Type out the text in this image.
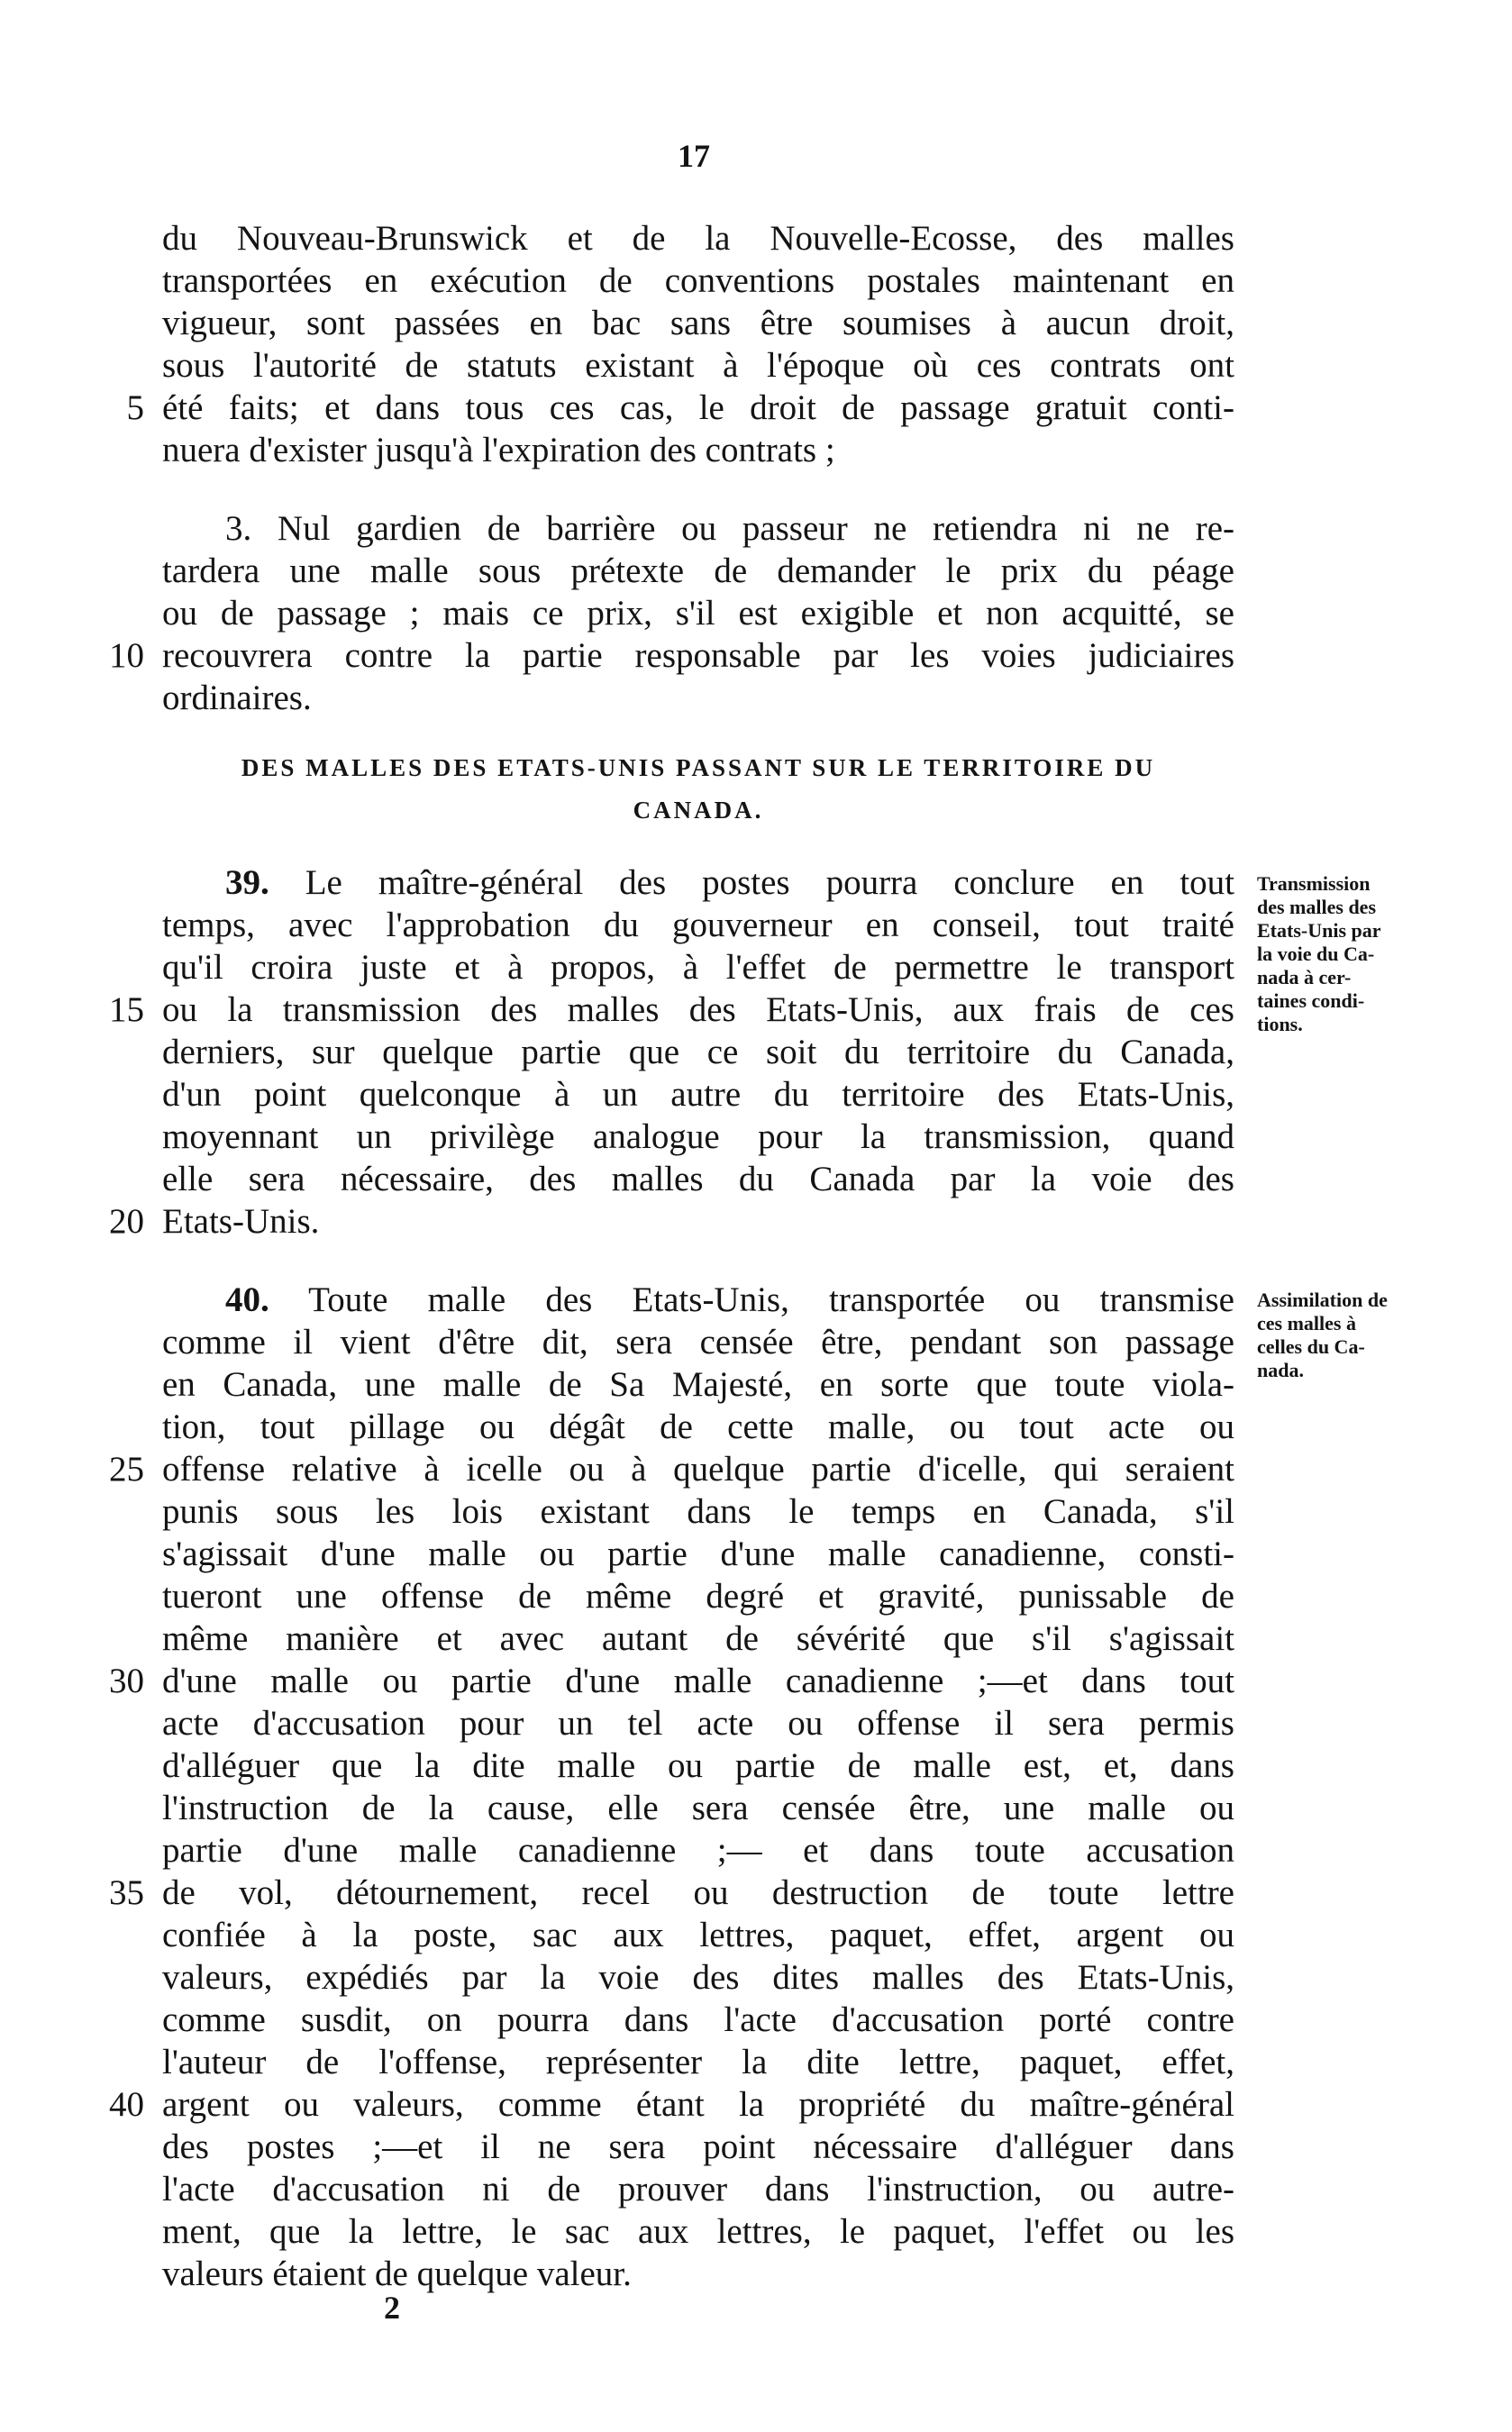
17
du Nouveau-Brunswick et de la Nouvelle-Ecosse, des malles
transportées en exécution de conventions postales maintenant en
vigueur, sont passées en bac sans être soumises à aucun droit,
sous l'autorité de statuts existant à l'époque où ces contrats ont
été faits; et dans tous ces cas, le droit de passage gratuit conti-
5
nuera d'exister jusqu'à l'expiration des contrats ;
3. Nul gardien de barrière ou passeur ne retiendra ni ne re-
tardera une malle sous prétexte de demander le prix du péage
ou de passage ; mais ce prix, s'il est exigible et non acquitté, se
recouvrera contre la partie responsable par les voies judiciaires
10
ordinaires.
39. Le maître-général des postes pourra conclure en tout
temps, avec l'approbation du gouverneur en conseil, tout traité
qu'il croira juste et à propos, à l'effet de permettre le transport
ou la transmission des malles des Etats-Unis, aux frais de ces
15
derniers, sur quelque partie que ce soit du territoire du Canada,
d'un point quelconque à un autre du territoire des Etats-Unis,
moyennant un privilège analogue pour la transmission, quand
elle sera nécessaire, des malles du Canada par la voie des
Etats-Unis.
20
40. Toute malle des Etats-Unis, transportée ou transmise
comme il vient d'être dit, sera censée être, pendant son passage
en Canada, une malle de Sa Majesté, en sorte que toute viola-
tion, tout pillage ou dégât de cette malle, ou tout acte ou
offense relative à icelle ou à quelque partie d'icelle, qui seraient
25
punis sous les lois existant dans le temps en Canada, s'il
s'agissait d'une malle ou partie d'une malle canadienne, consti-
tueront une offense de même degré et gravité, punissable de
même manière et avec autant de sévérité que s'il s'agissait
d'une malle ou partie d'une malle canadienne ;—et dans tout
30
acte d'accusation pour un tel acte ou offense il sera permis
d'alléguer que la dite malle ou partie de malle est, et, dans
l'instruction de la cause, elle sera censée être, une malle ou
partie d'une malle canadienne ;— et dans toute accusation
de vol, détournement, recel ou destruction de toute lettre
35
confiée à la poste, sac aux lettres, paquet, effet, argent ou
valeurs, expédiés par la voie des dites malles des Etats-Unis,
comme susdit, on pourra dans l'acte d'accusation porté contre
l'auteur de l'offense, représenter la dite lettre, paquet, effet,
argent ou valeurs, comme étant la propriété du maître-général
40
des postes ;—et il ne sera point nécessaire d'alléguer dans
l'acte d'accusation ni de prouver dans l'instruction, ou autre-
ment, que la lettre, le sac aux lettres, le paquet, l'effet ou les
valeurs étaient de quelque valeur.
DES MALLES DES ETATS-UNIS PASSANT SUR LE TERRITOIRE DU
CANADA.
Transmission
des malles des
Etats-Unis par
la voie du Ca-
nada à cer-
taines condi-
tions.
Assimilation de
ces malles à
celles du Ca-
nada.
2
